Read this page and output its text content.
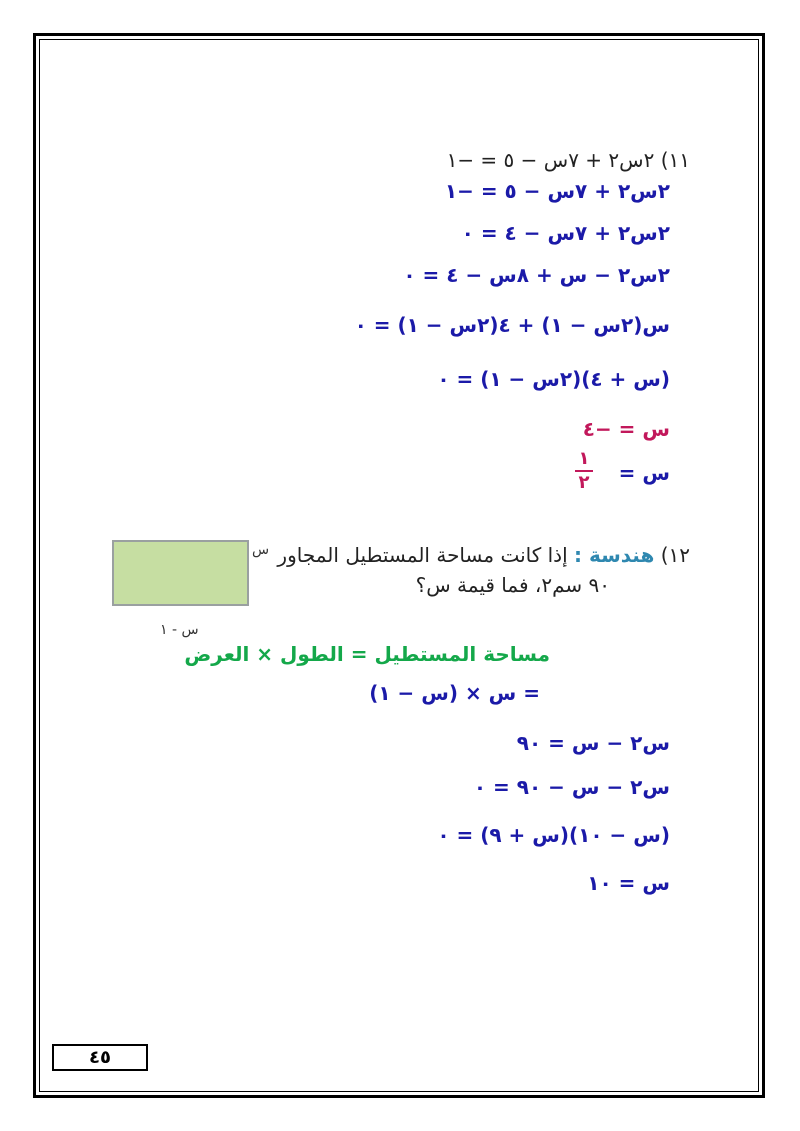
١١) ٢س٢ + ٧س − ٥ = −١
٢س٢ + ٧س − ٥ = −١
٢س٢ + ٧س − ٤ = ٠
٢س٢ − س + ٨س − ٤ = ٠
س(٢س − ١) + ٤(٢س − ١) = ٠
(س + ٤)(٢س − ١) = ٠
س = −٤
س =
١
٢
١٢) هندسة : إذا كانت مساحة المستطيل المجاور
٩٠ سم٢، فما قيمة س؟
س
س - ١
مساحة المستطيل = الطول × العرض
= س × (س − ١)
س٢ − س = ٩٠
س٢ − س − ٩٠ = ٠
(س − ١٠)(س + ٩) = ٠
س = ١٠
٤٥
